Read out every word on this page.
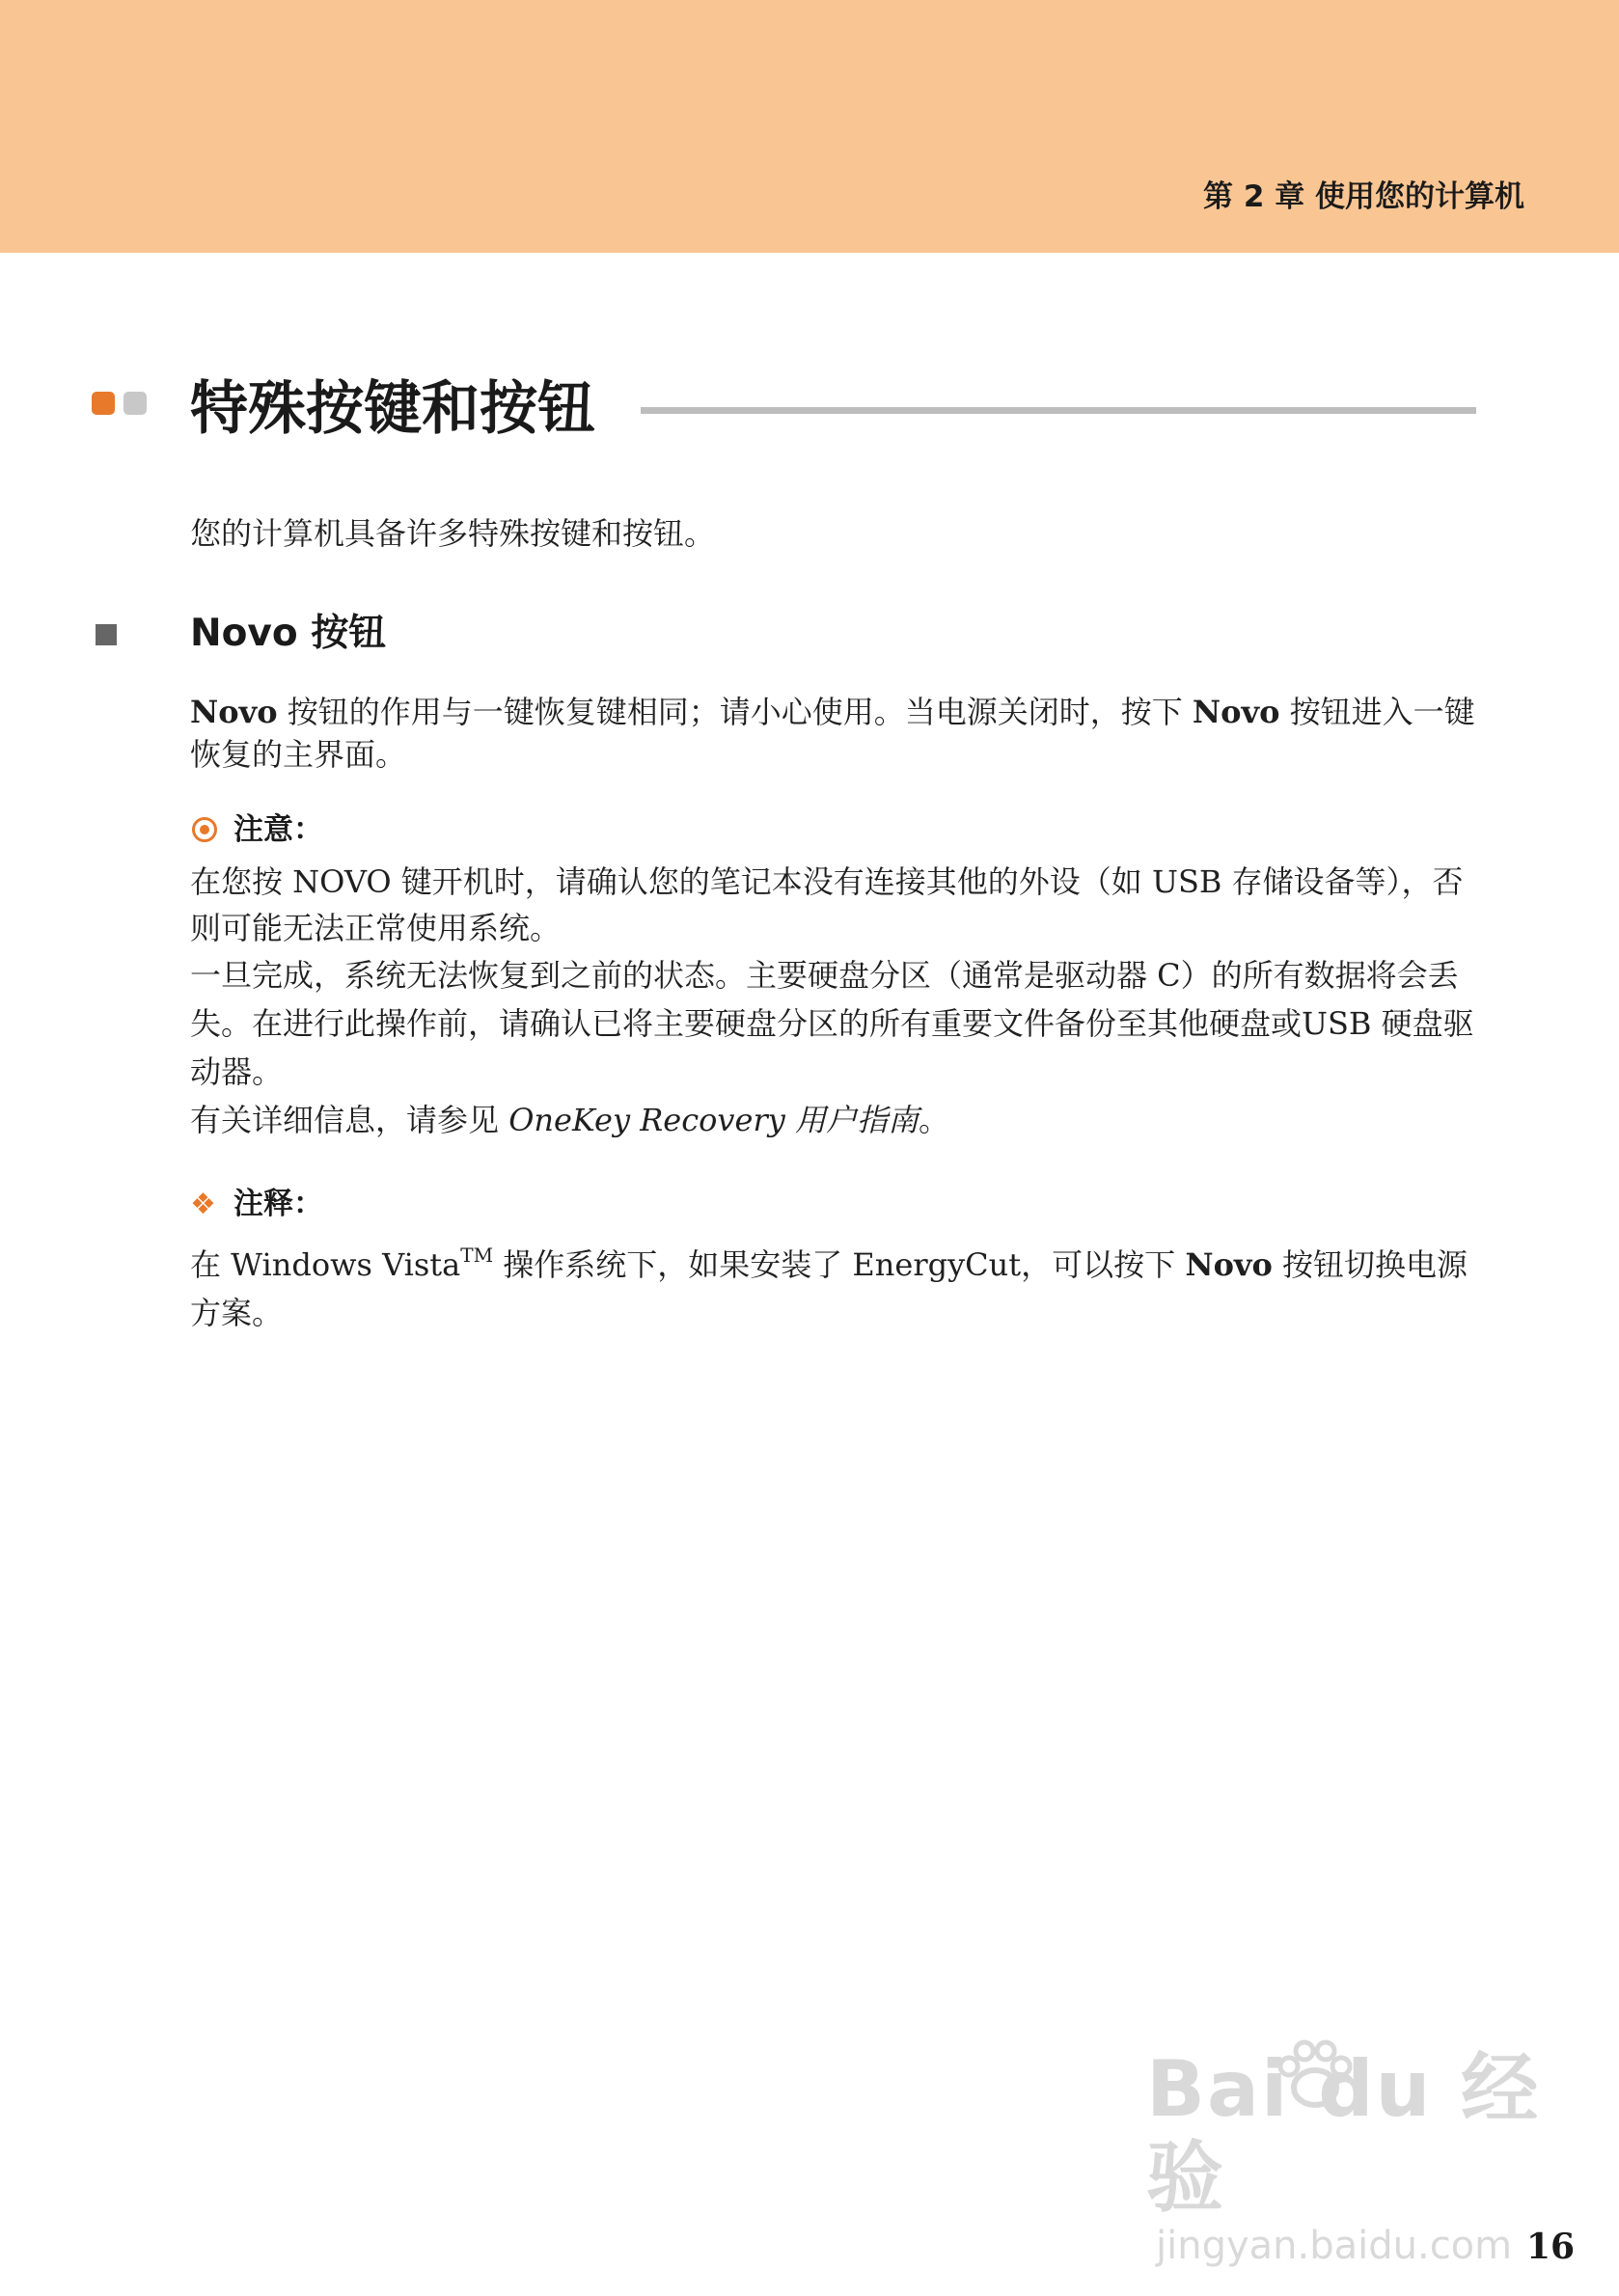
第 2 章 使用您的计算机
特殊按键和按钮
您的计算机具备许多特殊按键和按钮。
Novo 按钮
Novo 按钮的作用与一键恢复键相同；请小心使用。当电源关闭时，按下 Novo 按钮进入一键恢复的主界面。
注意：
在您按 NOVO 键开机时，请确认您的笔记本没有连接其他的外设（如 USB 存储设备等），否则可能无法正常使用系统。
一旦完成，系统无法恢复到之前的状态。主要硬盘分区（通常是驱动器 C）的所有数据将会丢失。在进行此操作前，请确认已将主要硬盘分区的所有重要文件备份至其他硬盘或USB 硬盘驱动器。
有关详细信息，请参见 OneKey Recovery 用户指南。
❖ 注释：
在 Windows Vista™ 操作系统下，如果安装了 EnergyCut，可以按下 Novo 按钮切换电源方案。
Bai du 经验
jingyan.baidu.com 16
